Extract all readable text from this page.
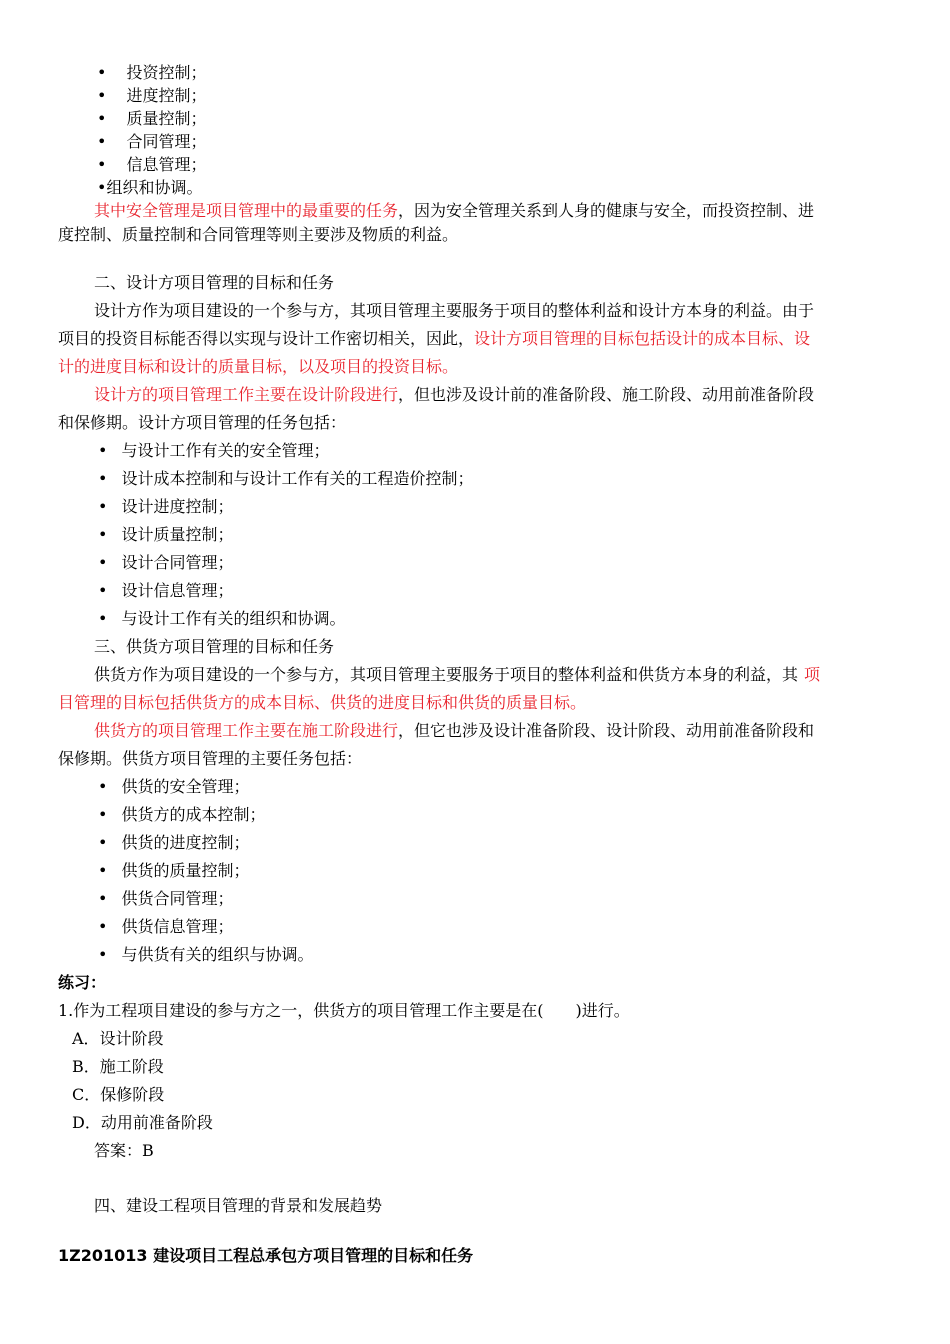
• 投资控制；
• 进度控制；
• 质量控制；
• 合同管理；
• 信息管理；
•组织和协调。
其中安全管理是项目管理中的最重要的任务，因为安全管理关系到人身的健康与安全，而投资控制、进
度控制、质量控制和合同管理等则主要涉及物质的利益。
二、设计方项目管理的目标和任务
设计方作为项目建设的一个参与方，其项目管理主要服务于项目的整体利益和设计方本身的利益。由于
项目的投资目标能否得以实现与设计工作密切相关，因此，设计方项目管理的目标包括设计的成本目标、设
计的进度目标和设计的质量目标，以及项目的投资目标。
设计方的项目管理工作主要在设计阶段进行，但也涉及设计前的准备阶段、施工阶段、动用前准备阶段
和保修期。设计方项目管理的任务包括：
• 与设计工作有关的安全管理；
• 设计成本控制和与设计工作有关的工程造价控制；
• 设计进度控制；
• 设计质量控制；
• 设计合同管理；
• 设计信息管理；
• 与设计工作有关的组织和协调。
三、供货方项目管理的目标和任务
供货方作为项目建设的一个参与方，其项目管理主要服务于项目的整体利益和供货方本身的利益，其 项
目管理的目标包括供货方的成本目标、供货的进度目标和供货的质量目标。
供货方的项目管理工作主要在施工阶段进行，但它也涉及设计准备阶段、设计阶段、动用前准备阶段和
保修期。供货方项目管理的主要任务包括：
• 供货的安全管理；
• 供货方的成本控制；
• 供货的进度控制；
• 供货的质量控制；
• 供货合同管理；
• 供货信息管理；
• 与供货有关的组织与协调。
练习：
1.作为工程项目建设的参与方之一，供货方的项目管理工作主要是在(　　)进行。
A．设计阶段
B．施工阶段
C．保修阶段
D．动用前准备阶段
答案：B
四、建设工程项目管理的背景和发展趋势
1Z201013 建设项目工程总承包方项目管理的目标和任务
